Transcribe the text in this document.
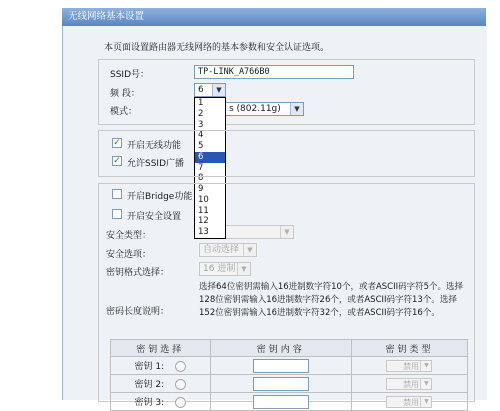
无线网络基本设置
本页面设置路由器无线网络的基本参数和安全认证选项。
SSID号：	TP-LINK_A766B0
频 段：	6	▼
模式：	s (802.11g)	▼
1
2
3
4
5
6
7
8
9
10
11
12
13
✓ 开启无线功能
✓ 允许SSID广播
开启Bridge功能
开启安全设置
安全类型：	▼
安全选项：	自动选择	▼
密钥格式选择：	16 进制 ▼
密码长度说明：
选择64位密钥需输入16进制数字符10个，或者ASCII码字符5个。选择128位密钥需输入16进制数字符26个，或者ASCII码字符13个。选择152位密钥需输入16进制数字符32个，或者ASCII码字符16个。
密钥选择	密钥内容	密钥类型
密钥 1:		禁用 ▼

密钥 2:		禁用 ▼

密钥 3:		禁用 ▼
